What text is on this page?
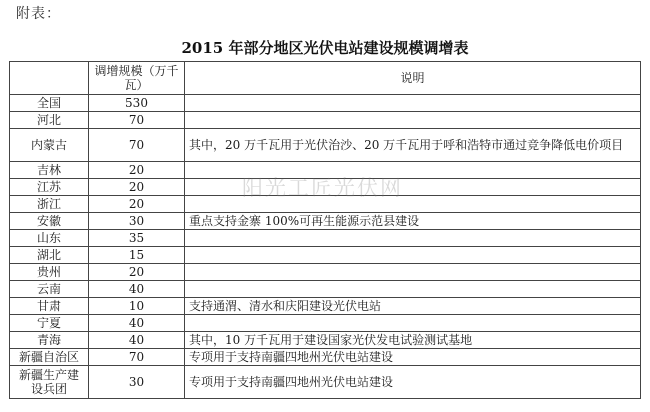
附表：
2015 年部分地区光伏电站建设规模调增表
	调增规模（万千瓦）	说明
全国	530	
河北	70	
内蒙古	70	其中，20 万千瓦用于光伏治沙、20 万千瓦用于呼和浩特市通过竞争降低电价项目
吉林	20	
江苏	20	
浙江	20	
安徽	30	重点支持金寨 100%可再生能源示范县建设
山东	35	
湖北	15	
贵州	20	
云南	40	
甘肃	10	支持通渭、清水和庆阳建设光伏电站
宁夏	40	
青海	40	其中，10 万千瓦用于建设国家光伏发电试验测试基地
新疆自治区	70	专项用于支持南疆四地州光伏电站建设
新疆生产建设兵团	30	专项用于支持南疆四地州光伏电站建设
阳光工匠光伏网
